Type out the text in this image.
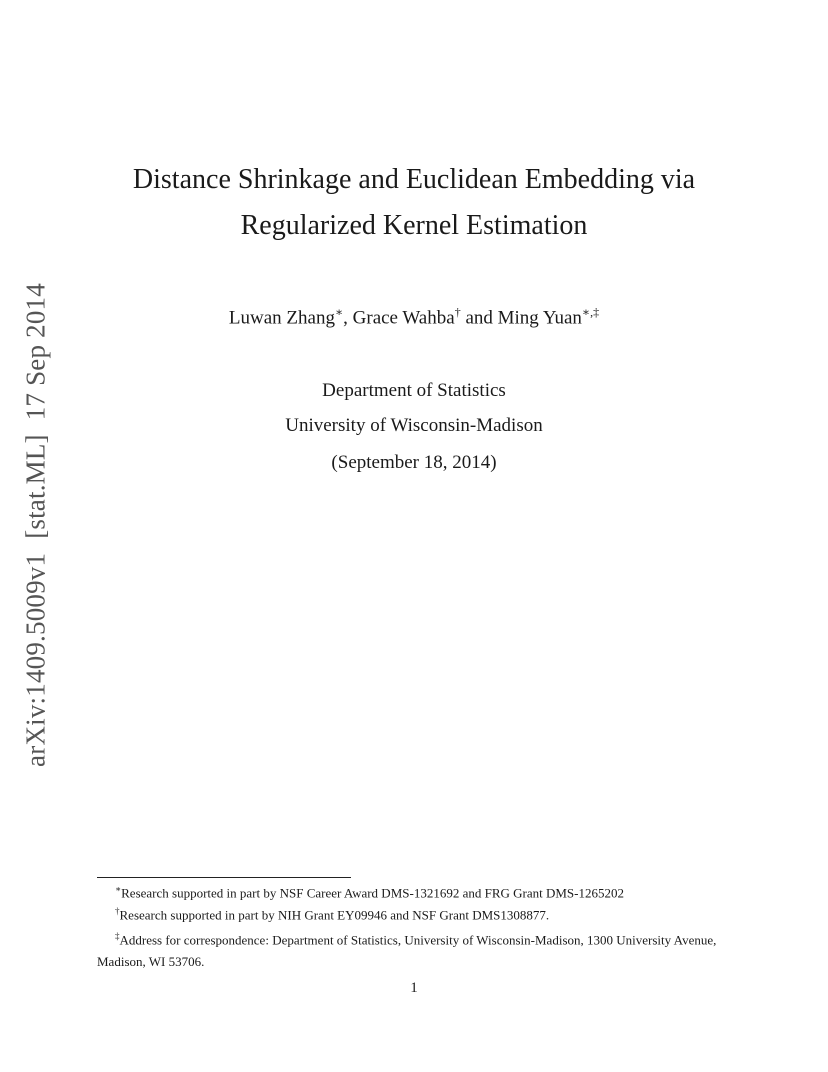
arXiv:1409.5009v1[stat.ML]17 Sep 2014
Distance Shrinkage and Euclidean Embedding via
Regularized Kernel Estimation
Luwan Zhang∗, Grace Wahba† and Ming Yuan∗,‡
Department of Statistics
University of Wisconsin-Madison
(September 18, 2014)

∗Research supported in part by NSF Career Award DMS-1321692 and FRG Grant DMS-1265202

†Research supported in part by NIH Grant EY09946 and NSF Grant DMS1308877.

‡Address for correspondence: Department of Statistics, University of Wisconsin-Madison, 1300 University Avenue, Madison, WI 53706.

1
